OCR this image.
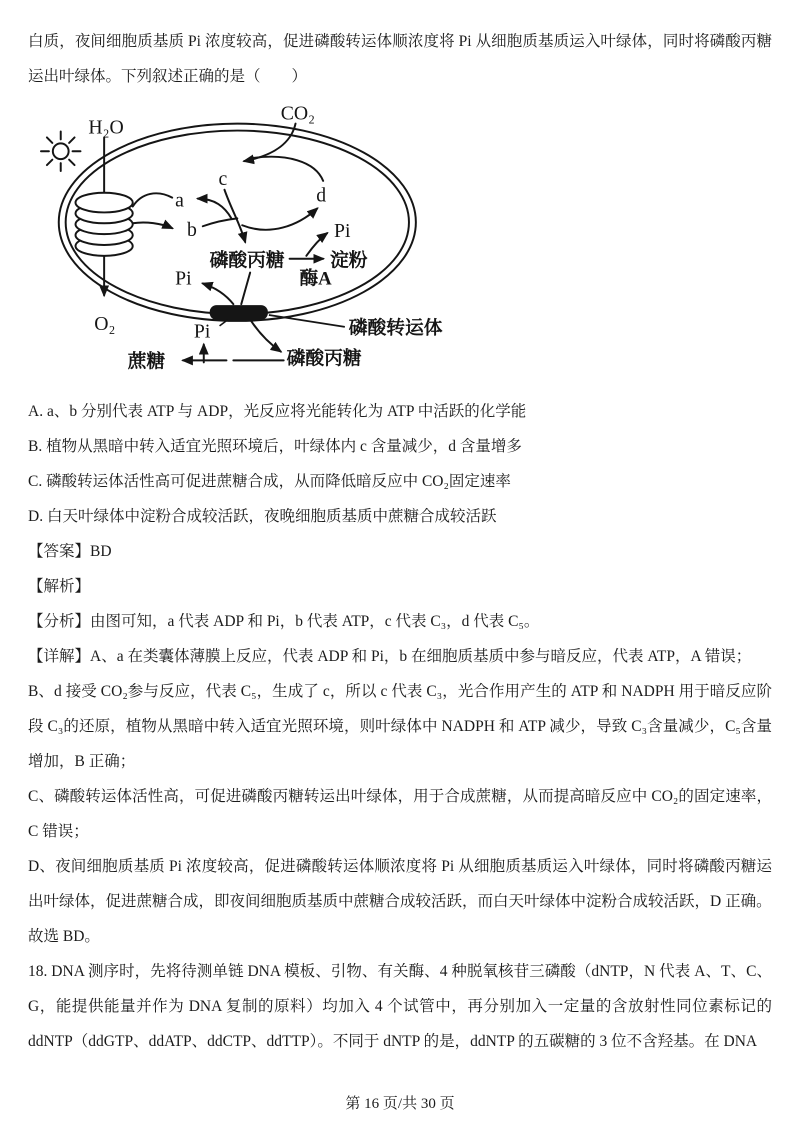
白质，夜间细胞质基质 Pi 浓度较高，促进磷酸转运体顺浓度将 Pi 从细胞质基质运入叶绿体，同时将磷酸丙糖运出叶绿体。下列叙述正确的是（　　）

H₂O
CO₂
O₂
a
b
c
d
Pi
Pi
Pi
磷酸丙糖 淀粉
酶A
磷酸转运体
磷酸丙糖
蔗糖

A. a、b 分别代表 ATP 与 ADP，光反应将光能转化为 ATP 中活跃的化学能

B. 植物从黑暗中转入适宜光照环境后，叶绿体内 c 含量减少，d 含量增多

C. 磷酸转运体活性高可促进蔗糖合成，从而降低暗反应中 CO₂固定速率

D. 白天叶绿体中淀粉合成较活跃，夜晚细胞质基质中蔗糖合成较活跃

【答案】BD

【解析】

【分析】由图可知，a 代表 ADP 和 Pi，b 代表 ATP，c 代表 C₃，d 代表 C₅。

【详解】A、a 在类囊体薄膜上反应，代表 ADP 和 Pi，b 在细胞质基质中参与暗反应，代表 ATP，A 错误；

B、d 接受 CO₂参与反应，代表 C₅，生成了 c，所以 c 代表 C₃，光合作用产生的 ATP 和 NADPH 用于暗反应阶段 C₃的还原，植物从黑暗中转入适宜光照环境，则叶绿体中 NADPH 和 ATP 减少，导致 C₃含量减少，C₅含量增加，B 正确；

C、磷酸转运体活性高，可促进磷酸丙糖转运出叶绿体，用于合成蔗糖，从而提高暗反应中 CO₂的固定速率，C 错误；

D、夜间细胞质基质 Pi 浓度较高，促进磷酸转运体顺浓度将 Pi 从细胞质基质运入叶绿体，同时将磷酸丙糖运出叶绿体，促进蔗糖合成，即夜间细胞质基质中蔗糖合成较活跃，而白天叶绿体中淀粉合成较活跃，D 正确。

故选 BD。

18. DNA 测序时，先将待测单链 DNA 模板、引物、有关酶、4 种脱氧核苷三磷酸（dNTP，N 代表 A、T、C、G，能提供能量并作为 DNA 复制的原料）均加入 4 个试管中，再分别加入一定量的含放射性同位素标记的 ddNTP（ddGTP、ddATP、ddCTP、ddTTP）。不同于 dNTP 的是，ddNTP 的五碳糖的 3 位不含羟基。在 DNA

第 16 页/共 30 页
